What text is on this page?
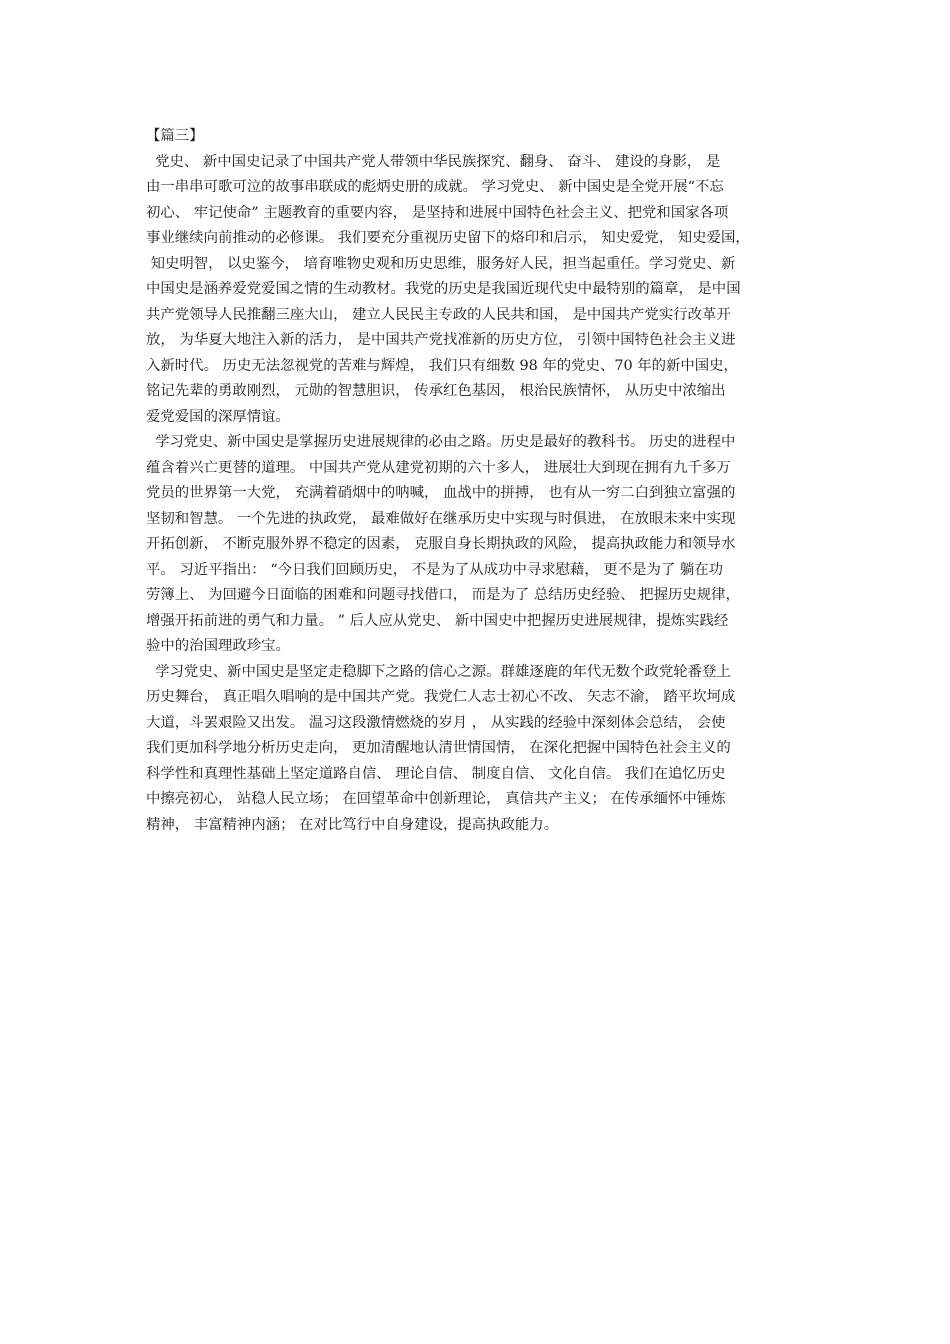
【篇三】
党史、 新中国史记录了中国共产党人带领中华民族探究、翻身、 奋斗、 建设的身影， 是
由一串串可歌可泣的故事串联成的彪炳史册的成就。 学习党史、 新中国史是全党开展“不忘
初心、 牢记使命” 主题教育的重要内容， 是坚持和进展中国特色社会主义、把党和国家各项
事业继续向前推动的必修课。 我们要充分重视历史留下的烙印和启示， 知史爱党， 知史爱国，
知史明智， 以史鉴今， 培育唯物史观和历史思维，服务好人民，担当起重任。学习党史、新
中国史是涵养爱党爱国之情的生动教材。我党的历史是我国近现代史中最特别的篇章， 是中国
共产党领导人民推翻三座大山， 建立人民民主专政的人民共和国， 是中国共产党实行改革开
放， 为华夏大地注入新的活力， 是中国共产党找准新的历史方位， 引领中国特色社会主义进
入新时代。 历史无法忽视党的苦难与辉煌， 我们只有细数 98 年的党史、70 年的新中国史，
铭记先辈的勇敢刚烈， 元勋的智慧胆识， 传承红色基因， 根治民族情怀， 从历史中浓缩出
爱党爱国的深厚情谊。
学习党史、新中国史是掌握历史进展规律的必由之路。历史是最好的教科书。 历史的进程中
蕴含着兴亡更替的道理。 中国共产党从建党初期的六十多人， 进展壮大到现在拥有九千多万
党员的世界第一大党， 充满着硝烟中的呐喊， 血战中的拼搏， 也有从一穷二白到独立富强的
坚韧和智慧。 一个先进的执政党， 最难做好在继承历史中实现与时俱进， 在放眼未来中实现
开拓创新， 不断克服外界不稳定的因素， 克服自身长期执政的风险， 提高执政能力和领导水
平。 习近平指出： “今日我们回顾历史， 不是为了从成功中寻求慰藉， 更不是为了 躺在功
劳簿上、 为回避今日面临的困难和问题寻找借口， 而是为了 总结历史经验、 把握历史规律，
增强开拓前进的勇气和力量。 ” 后人应从党史、 新中国史中把握历史进展规律，提炼实践经
验中的治国理政珍宝。
学习党史、新中国史是坚定走稳脚下之路的信心之源。群雄逐鹿的年代无数个政党轮番登上
历史舞台， 真正唱久唱响的是中国共产党。我党仁人志士初心不改、 矢志不渝， 踏平坎坷成
大道，斗罢艰险又出发。 温习这段激情燃烧的岁月 ， 从实践的经验中深刻体会总结， 会使
我们更加科学地分析历史走向， 更加清醒地认清世情国情， 在深化把握中国特色社会主义的
科学性和真理性基础上坚定道路自信、 理论自信、 制度自信、 文化自信。 我们在追忆历史
中擦亮初心， 站稳人民立场； 在回望革命中创新理论， 真信共产主义； 在传承缅怀中锤炼
精神， 丰富精神内涵； 在对比笃行中自身建设，提高执政能力。
